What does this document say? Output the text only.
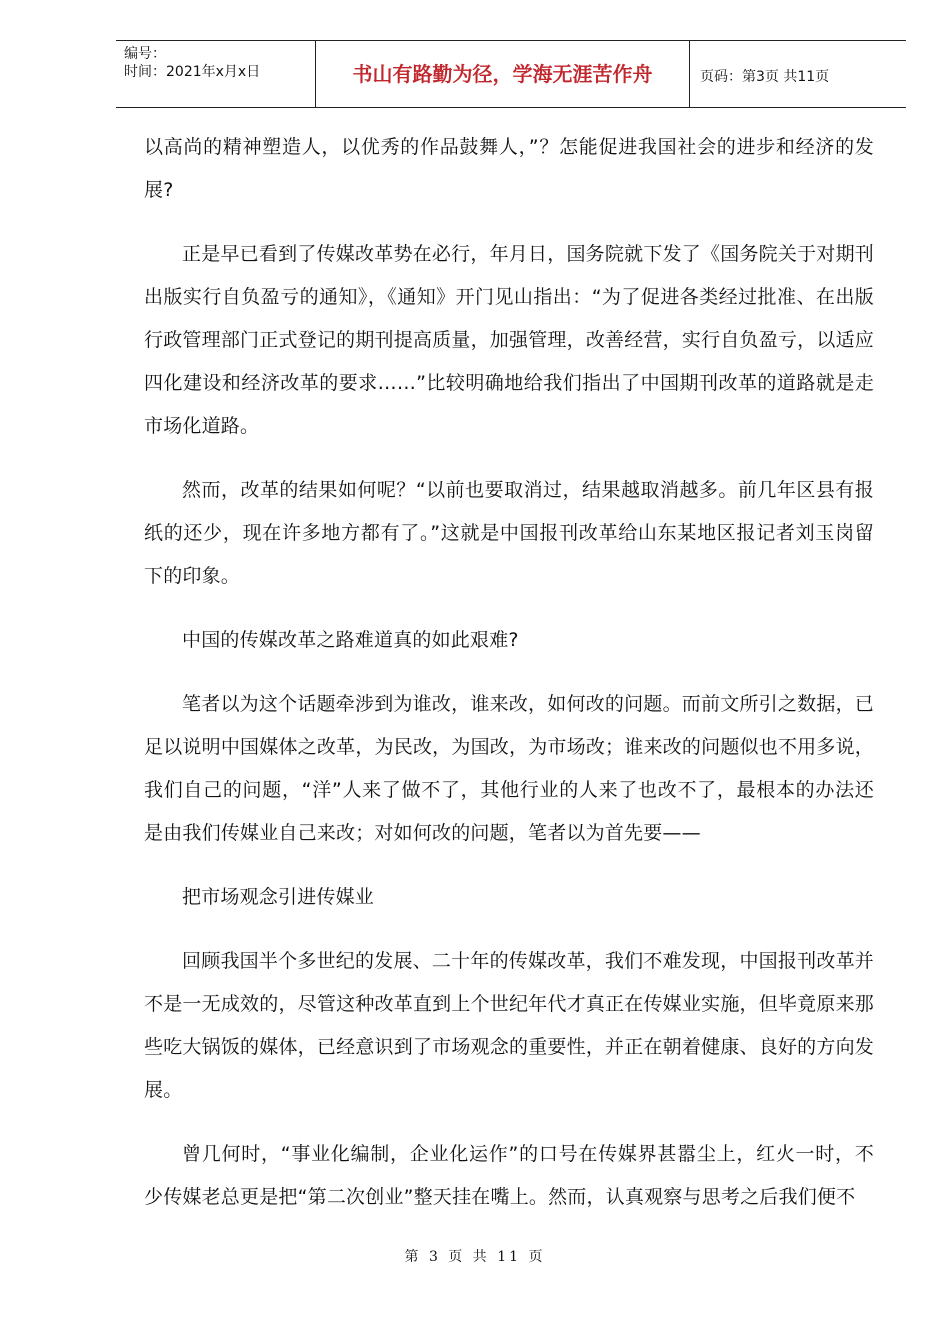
编号：
时间：2021年x月x日	书山有路勤为径，学海无涯苦作舟	页码：第3页 共11页

以高尚的精神塑造人，以优秀的作品鼓舞人，”？怎能促进我国社会的进步和经济的发展?

正是早已看到了传媒改革势在必行，年月日，国务院就下发了《国务院关于对期刊出版实行自负盈亏的通知》，《通知》开门见山指出：“为了促进各类经过批准、在出版行政管理部门正式登记的期刊提高质量，加强管理，改善经营，实行自负盈亏，以适应四化建设和经济改革的要求……”比较明确地给我们指出了中国期刊改革的道路就是走市场化道路。

然而，改革的结果如何呢？“以前也要取消过，结果越取消越多。前几年区县有报纸的还少，现在许多地方都有了。”这就是中国报刊改革给山东某地区报记者刘玉岗留下的印象。

中国的传媒改革之路难道真的如此艰难?

笔者以为这个话题牵涉到为谁改，谁来改，如何改的问题。而前文所引之数据，已足以说明中国媒体之改革，为民改，为国改，为市场改；谁来改的问题似也不用多说，我们自己的问题，“洋”人来了做不了，其他行业的人来了也改不了，最根本的办法还是由我们传媒业自己来改；对如何改的问题，笔者以为首先要——

把市场观念引进传媒业

回顾我国半个多世纪的发展、二十年的传媒改革，我们不难发现，中国报刊改革并不是一无成效的，尽管这种改革直到上个世纪年代才真正在传媒业实施，但毕竟原来那些吃大锅饭的媒体，已经意识到了市场观念的重要性，并正在朝着健康、良好的方向发展。

曾几何时，“事业化编制，企业化运作”的口号在传媒界甚嚣尘上，红火一时，不少传媒老总更是把“第二次创业”整天挂在嘴上。然而，认真观察与思考之后我们便不

第 3 页 共 11 页
